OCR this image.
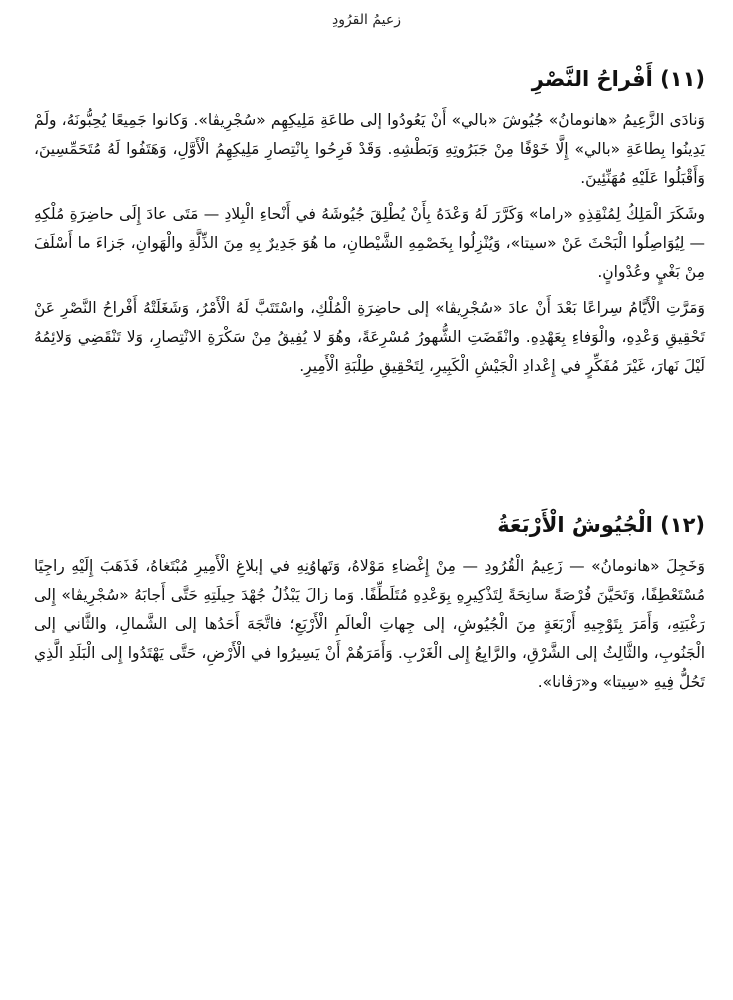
زعيمُ القرُودِ
(١١) أَفْراحُ النَّصْرِ

وَنادَى الزَّعِيمُ «هانومانُ» جُيُوشَ «بالي» أَنْ يَعُودُوا إلى طاعَةِ مَلِيكِهِم «سُجْرِيڤا». وَكانوا جَمِيعًا يُحِبُّونَهُ، ولَمْ يَدِينُوا بِطاعَةِ «بالي» إِلَّا خَوْفًا مِنْ جَبَرُوتِهِ وَبَطْشِهِ. وَقَدْ فَرِحُوا بِانْتِصارِ مَلِيكِهِمُ الْأَوَّلِ، وَهَتَفُوا لَهُ مُتَحَمِّسِينَ، وَأَقْبَلُوا عَلَيْهِ مُهَنِّئِينَ.

وشَكَرَ الْمَلِكُ لِمُنْقِذِهِ «راما» وَكَرَّرَ لَهُ وَعْدَهُ بِأَنْ يُطْلِقَ جُيُوشَهُ في أَنْحاءِ الْبِلادِ — مَتَى عادَ إِلَى حاضِرَةِ مُلْكِهِ — لِيُوَاصِلُوا الْبَحْثَ عَنْ «سيتا»، وَيُنْزِلُوا بِخَصْمِهِ الشَّيْطانِ، ما هُوَ جَدِيرٌ بِهِ مِنَ الذِّلَّةِ والْهَوانِ، جَزاءَ ما أَسْلَفَ مِنْ بَغْيٍ وعُدْوانٍ.

وَمَرَّتِ الْأَيَّامُ سِراعًا بَعْدَ أَنْ عادَ «سُجْرِيڤا» إلى حاضِرَةِ الْمُلْكِ، واسْتَتَبَّ لَهُ الْأَمْرُ، وَشَغَلَتْهُ أَفْراحُ النَّصْرِ عَنْ تَحْقِيقِ وَعْدِهِ، والْوَفاءِ بِعَهْدِهِ. وانْقَضَتِ الشُّهورُ مُسْرِعَةً، وهُوَ لا يُفِيقُ مِنْ سَكْرَةِ الانْتِصارِ، وَلا تَنْقَضِي وَلائِمُهُ لَيْلَ نَهارَ، غَيْرَ مُفَكِّرٍ في إِعْدادِ الْجَيْشِ الْكَبِيرِ، لِتَحْقِيقِ طِلْبَةِ الْأَمِيرِ.

(١٢) الْجُيُوشُ الْأَرْبَعَةُ

وَخَجِلَ «هانومانُ» — زَعِيمُ الْقُرُودِ — مِنْ إِغْضاءِ مَوْلاهُ، وَتَهاوُنِهِ في إبلاغِ الْأَمِيرِ مُبْتَغاهُ، فَذَهَبَ إِلَيْهِ راجِيًا مُسْتَعْطِفًا، وَتَحَيَّنَ فُرْصَةً سانِحَةً لِتَذْكِيرِهِ بِوَعْدِهِ مُتَلَطِّفًا. وَما زالَ يَبْذُلُ جُهْدَ حِيلَتِهِ حَتَّى أَجابَهُ «سُجْرِيڤا» إِلى رَغْبَتِهِ، وَأَمَرَ بِتَوْجِيهِ أَرْبَعَةٍ مِنَ الْجُيُوشِ، إلى جِهاتِ الْعالَمِ الْأَرْبَعِ؛ فاتَّجَهَ أَحَدُها إلى الشَّمالِ، والثَّاني إلى الْجَنُوبِ، والثَّالِثُ إلى الشَّرْقِ، والرَّابِعُ إِلى الْغَرْبِ. وَأَمَرَهُمْ أَنْ يَسِيرُوا في الْأَرْضِ، حَتَّى يَهْتَدُوا إِلى الْبَلَدِ الَّذِي تَحُلُّ فِيهِ «سِيتا» و«رَڤانا».
